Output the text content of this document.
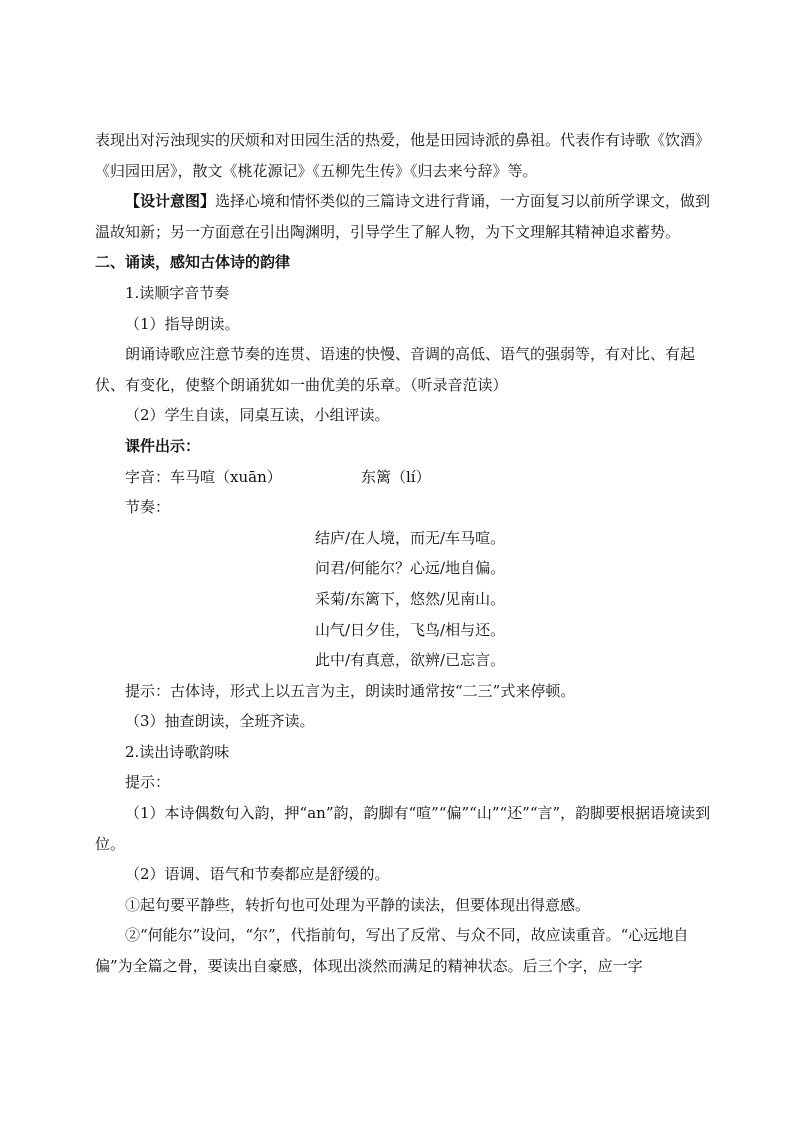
表现出对污浊现实的厌烦和对田园生活的热爱，他是田园诗派的鼻祖。代表作有诗歌《饮酒》《归园田居》，散文《桃花源记》《五柳先生传》《归去来兮辞》等。

【设计意图】选择心境和情怀类似的三篇诗文进行背诵，一方面复习以前所学课文，做到温故知新；另一方面意在引出陶渊明，引导学生了解人物，为下文理解其精神追求蓄势。

二、诵读，感知古体诗的韵律

1.读顺字音节奏

（1）指导朗读。

朗诵诗歌应注意节奏的连贯、语速的快慢、音调的高低、语气的强弱等，有对比、有起伏、有变化，使整个朗诵犹如一曲优美的乐章。（听录音范读）

（2）学生自读，同桌互读，小组评读。

课件出示：

字音：车马喧（xuān）	东篱（lí）

节奏：

结庐/在人境，而无/车马喧。
问君/何能尔？心远/地自偏。
采菊/东篱下，悠然/见南山。
山气/日夕佳，飞鸟/相与还。
此中/有真意，欲辨/已忘言。

提示：古体诗，形式上以五言为主，朗读时通常按“二三”式来停顿。

（3）抽查朗读，全班齐读。

2.读出诗歌韵味

提示：

（1）本诗偶数句入韵，押“an”韵，韵脚有“喧”“偏”“山”“还”“言”，韵脚要根据语境读到位。

（2）语调、语气和节奏都应是舒缓的。

①起句要平静些，转折句也可处理为平静的读法，但要体现出得意感。

②“何能尔”设问，“尔”，代指前句，写出了反常、与众不同，故应读重音。“心远地自偏”为全篇之骨，要读出自豪感，体现出淡然而满足的精神状态。后三个字，应一字
